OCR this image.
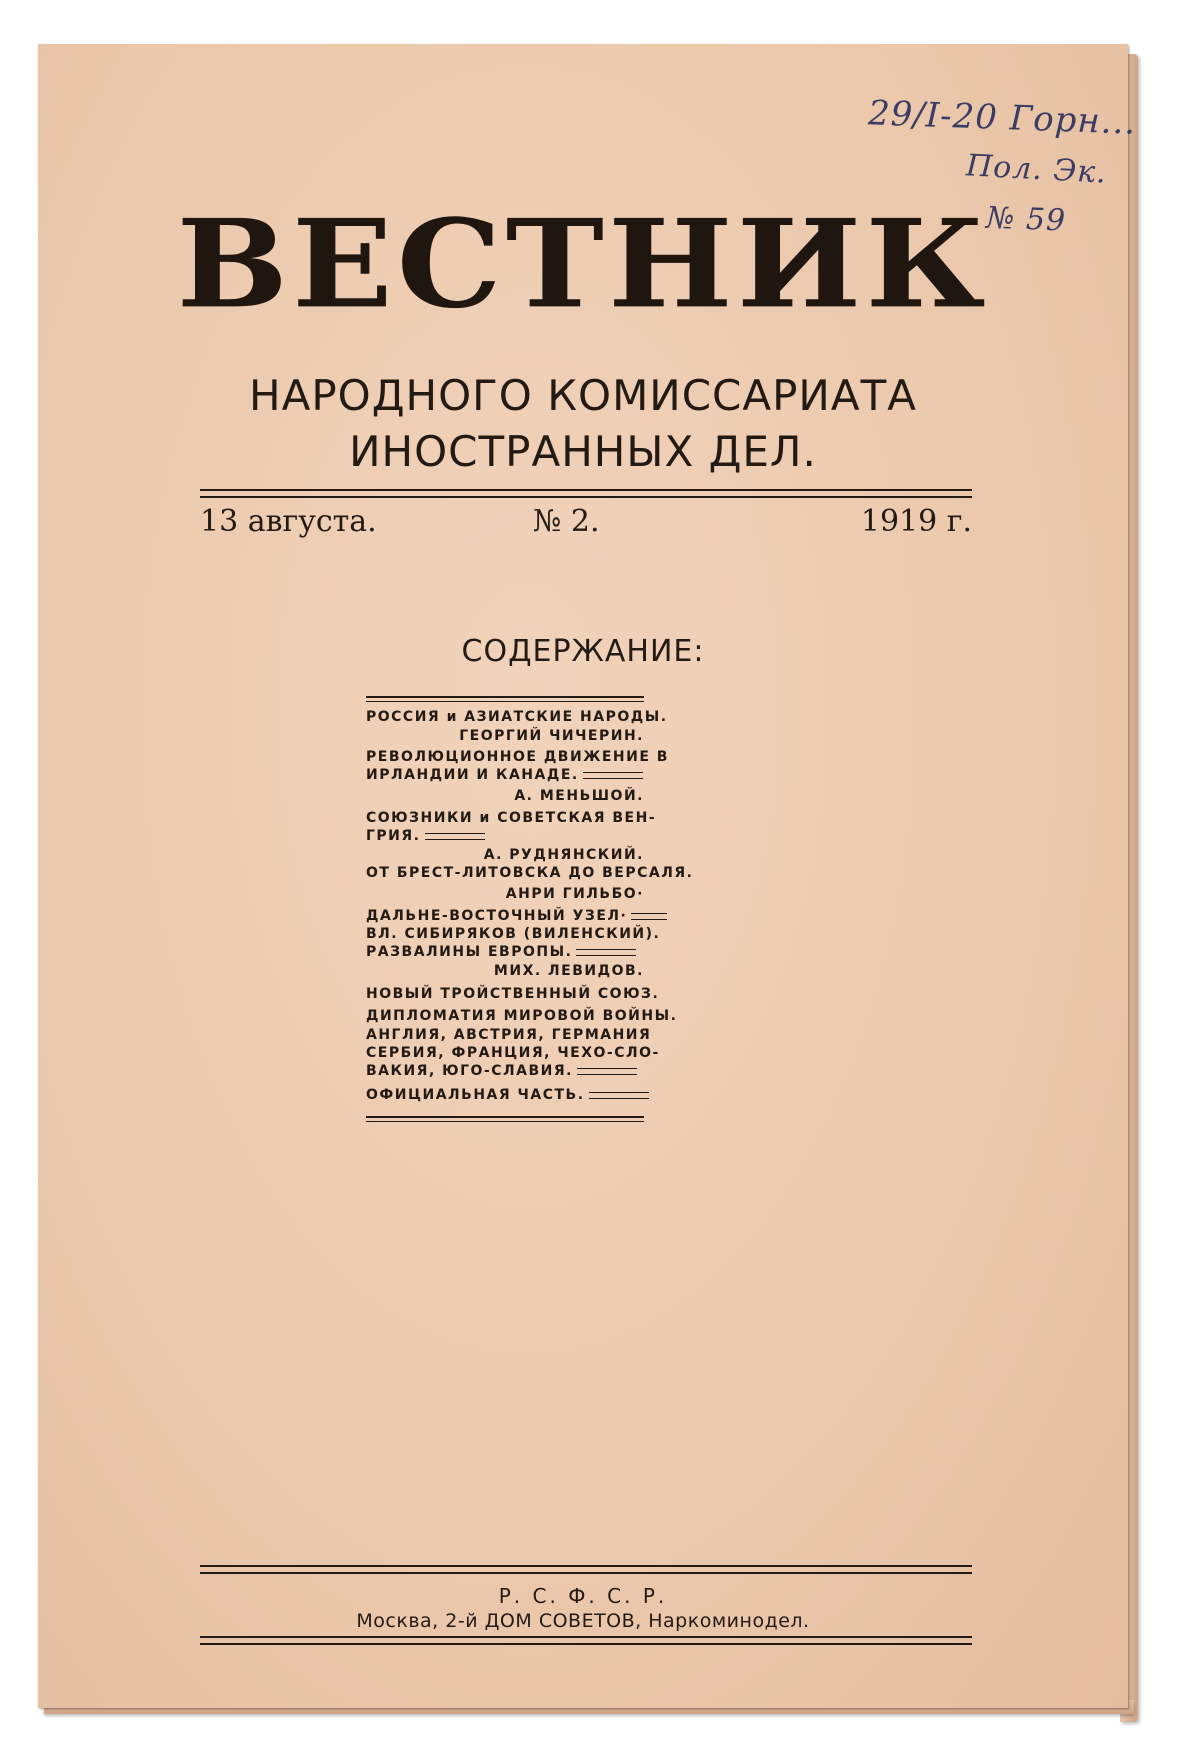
29/I-20 Горн...
Пол. Эк.
№ 59
ВЕСТНИК
НАРОДНОГО КОМИССАРИАТА
ИНОСТРАННЫХ ДЕЛ.
13 августа.	№ 2.	1919 г.
СОДЕРЖАНИЕ:
РОССИЯ и АЗИАТСКИЕ НАРОДЫ.
ГЕОРГИЙ ЧИЧЕРИН.
РЕВОЛЮЦИОННОЕ ДВИЖЕНИЕ В
ИРЛАНДИИ И КАНАДЕ.
А. МЕНЬШОЙ.
СОЮЗНИКИ и СОВЕТСКАЯ ВЕН-
ГРИЯ.
А. РУДНЯНСКИЙ.
ОТ БРЕСТ-ЛИТОВСКА ДО ВЕРСАЛЯ.
АНРИ ГИЛЬБО·
ДАЛЬНЕ-ВОСТОЧНЫЙ УЗЕЛ·
ВЛ. СИБИРЯКОВ (ВИЛЕНСКИЙ).
РАЗВАЛИНЫ ЕВРОПЫ.
МИХ. ЛЕВИДОВ.
НОВЫЙ ТРОЙСТВЕННЫЙ СОЮЗ.
ДИПЛОМАТИЯ МИРОВОЙ ВОЙНЫ.
АНГЛИЯ, АВСТРИЯ, ГЕРМАНИЯ
СЕРБИЯ, ФРАНЦИЯ, ЧЕХО-СЛО-
ВАКИЯ, ЮГО-СЛАВИЯ.
ОФИЦИАЛЬНАЯ ЧАСТЬ.
Р. С. Ф. С. Р.
Москва, 2-й ДОМ СОВЕТОВ, Наркоминодел.
